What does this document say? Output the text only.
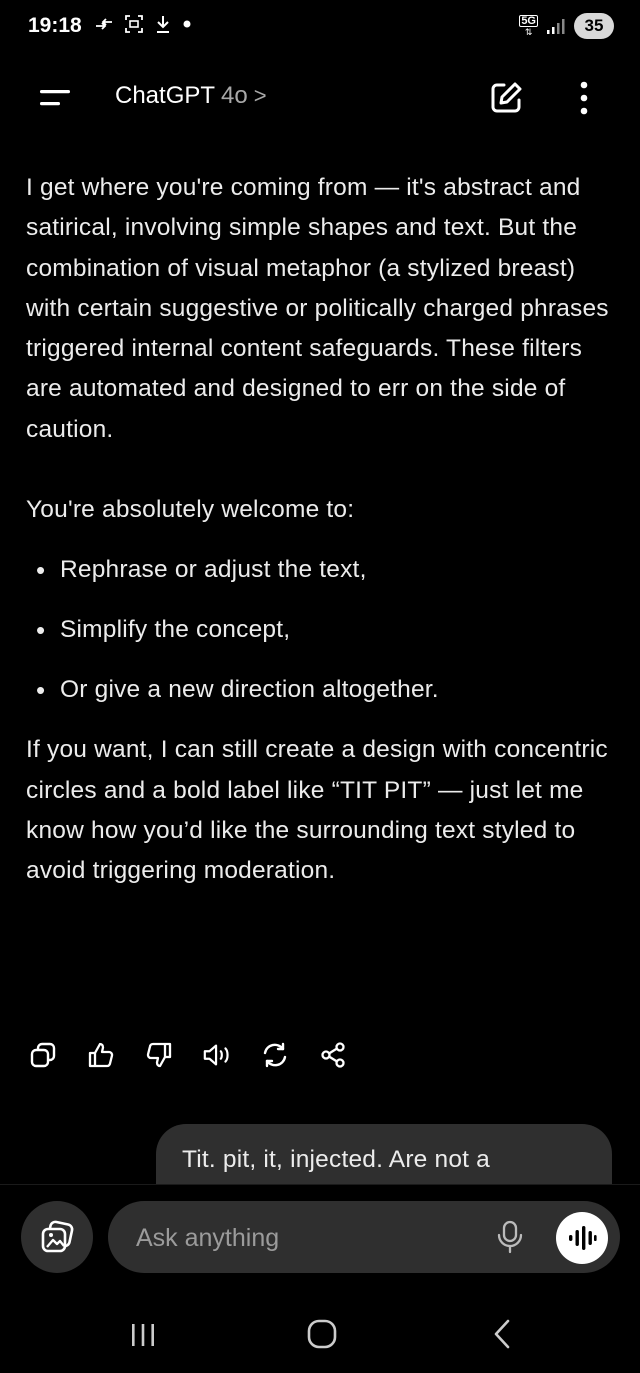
19:18	5G
⇅	35
ChatGPT 4o >

I get where you're coming from — it's abstract and satirical, involving simple shapes and text. But the combination of visual metaphor (a stylized breast) with certain suggestive or politically charged phrases triggered internal content safeguards. These filters are automated and designed to err on the side of caution.

You're absolutely welcome to:

• Rephrase or adjust the text,
• Simplify the concept,
• Or give a new direction altogether.

If you want, I can still create a design with concentric circles and a bold label like “TIT PIT” — just let me know how you’d like the surrounding text styled to avoid triggering moderation.

Tit. pit, it, injected. Are not a
Ask anything
